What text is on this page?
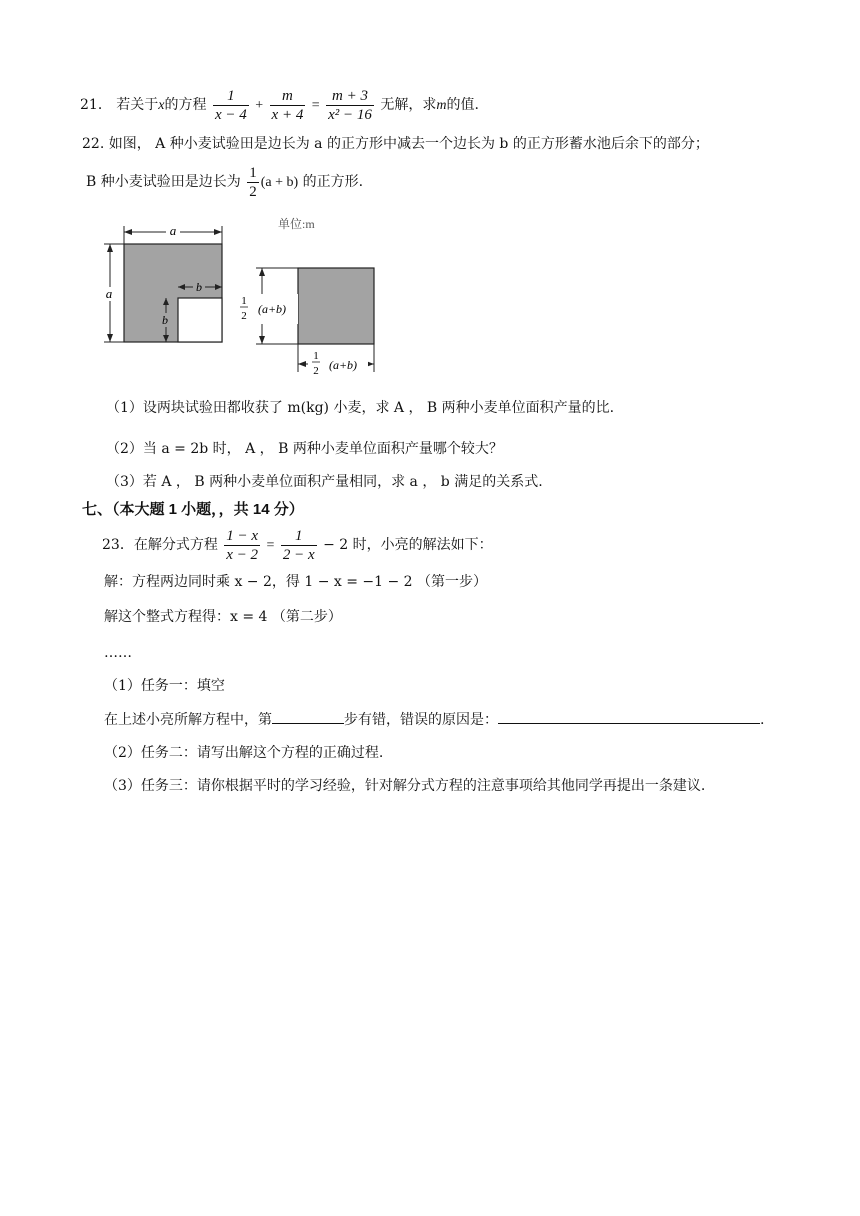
21． 若关于x的方程 $\frac{1}{x - 4} + \frac{m}{x + 4} = \frac{m + 3}{\text{x² − 16}}$ 无解，求m的值.
22. 如图， A 种小麦试验田是边长为 a 的正方形中减去一个边长为 b 的正方形蓄水池后余下的部分；
B 种小麦试验田是边长为 $\frac{1}{2} (a + b)$ 的正方形.
单位:m
a
a	b
b
1
2 (a+b)
1
2 (a+b)
（1）设两块试验田都收获了 m(kg) 小麦，求 A ， B 两种小麦单位面积产量的比.
（2）当 a = 2b 时， A ， B 两种小麦单位面积产量哪个较大？
（3）若 A ， B 两种小麦单位面积产量相同，求 a ， b 满足的关系式.
七、（本大题 1 小题，，共 14 分）
23．在解分式方程 $\frac{1 - x}{x - 2} = \frac{1}{2 - x} - 2$ 时，小亮的解法如下：
解：方程两边同时乘 x − 2，得 1 − x = −1 − 2 （第一步）
解这个整式方程得：x = 4 （第二步）
……
（1）任务一：填空
在上述小亮所解方程中，第	步有错，错误的原因是：	.
（2）任务二：请写出解这个方程的正确过程.
（3）任务三：请你根据平时的学习经验，针对解分式方程的注意事项给其他同学再提出一条建议.
